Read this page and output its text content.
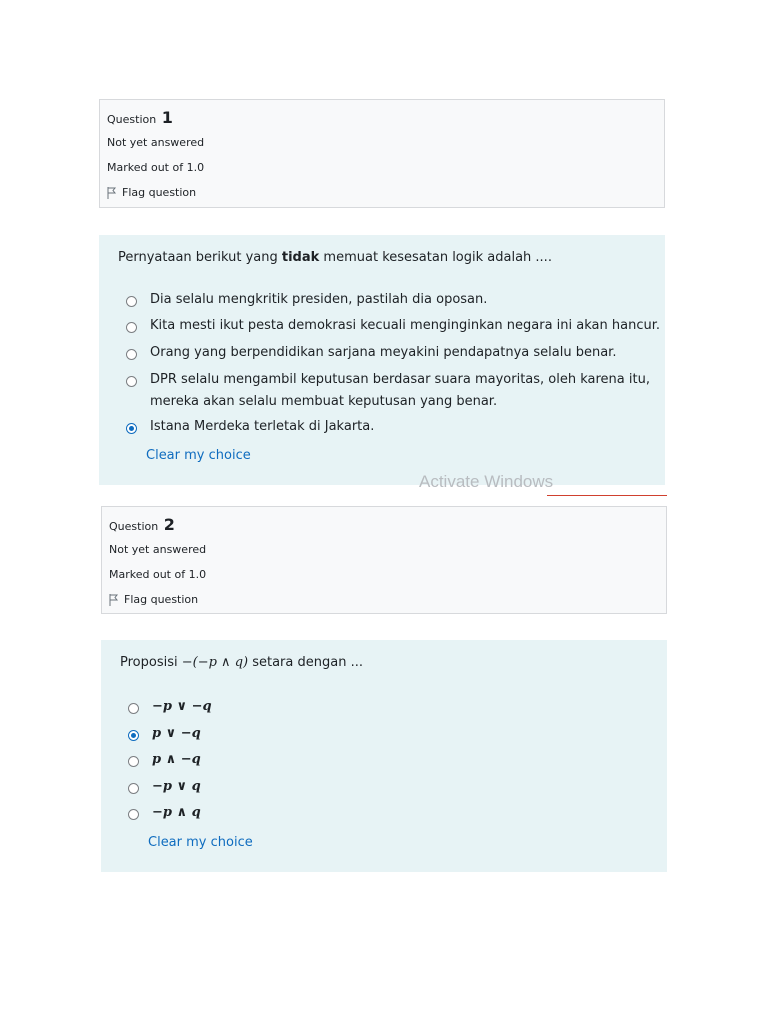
Question 1
Not yet answered
Marked out of 1.0
Flag question
Pernyataan berikut yang tidak memuat kesesatan logik adalah ....
Dia selalu mengkritik presiden, pastilah dia oposan.
Kita mesti ikut pesta demokrasi kecuali menginginkan negara ini akan hancur.
Orang yang berpendidikan sarjana meyakini pendapatnya selalu benar.
DPR selalu mengambil keputusan berdasar suara mayoritas, oleh karena itu,
mereka akan selalu membuat keputusan yang benar.
Istana Merdeka terletak di Jakarta.
Clear my choice
Activate Windows
Question 2
Not yet answered
Marked out of 1.0
Flag question
Proposisi −(−p ∧ q) setara dengan ...
−p ∨ −q
p ∨ −q
p ∧ −q
−p ∨ q
−p ∧ q
Clear my choice
